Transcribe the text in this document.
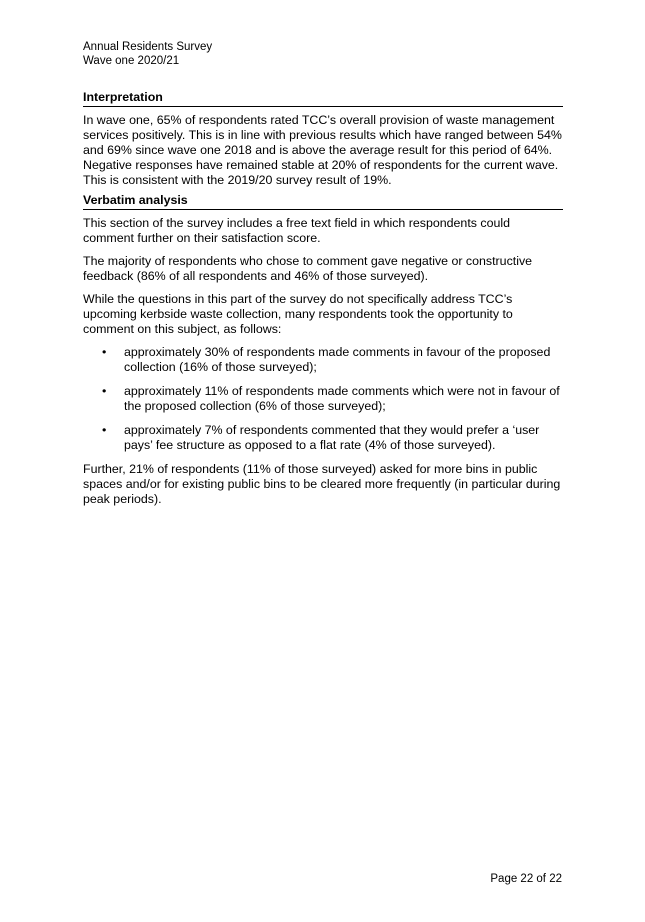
Annual Residents Survey
Wave one 2020/21
Interpretation

In wave one, 65% of respondents rated TCC’s overall provision of waste management services positively. This is in line with previous results which have ranged between 54% and 69% since wave one 2018 and is above the average result for this period of 64%. Negative responses have remained stable at 20% of respondents for the current wave. This is consistent with the 2019/20 survey result of 19%.

Verbatim analysis

This section of the survey includes a free text field in which respondents could comment further on their satisfaction score.

The majority of respondents who chose to comment gave negative or constructive feedback (86% of all respondents and 46% of those surveyed).

While the questions in this part of the survey do not specifically address TCC’s upcoming kerbside waste collection, many respondents took the opportunity to comment on this subject, as follows:

• approximately 30% of respondents made comments in favour of the proposed collection (16% of those surveyed);
• approximately 11% of respondents made comments which were not in favour of the proposed collection (6% of those surveyed);
• approximately 7% of respondents commented that they would prefer a ‘user pays’ fee structure as opposed to a flat rate (4% of those surveyed).

Further, 21% of respondents (11% of those surveyed) asked for more bins in public spaces and/or for existing public bins to be cleared more frequently (in particular during peak periods).

Page 22 of 22
